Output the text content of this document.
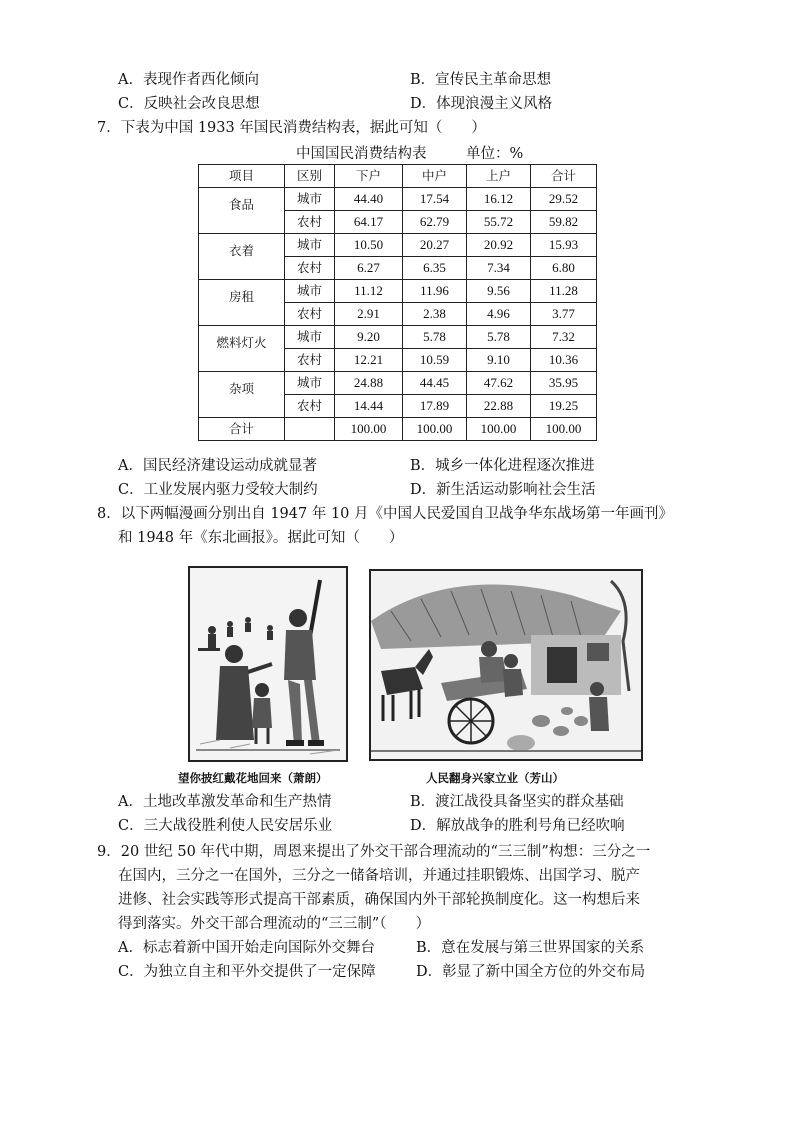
A．表现作者西化倾向	B．宣传民主革命思想
C．反映社会改良思想	D．体现浪漫主义风格
7．下表为中国 1933 年国民消费结构表，据此可知（　　）
中国国民消费结构表	单位：%
项目	区别	下户	中户	上户	合计
食品	城市	44.40	17.54	16.12	29.52
	农村	64.17	62.79	55.72	59.82
衣着	城市	10.50	20.27	20.92	15.93
	农村	6.27	6.35	7.34	6.80
房租	城市	11.12	11.96	9.56	11.28
	农村	2.91	2.38	4.96	3.77
燃料灯火	城市	9.20	5.78	5.78	7.32
	农村	12.21	10.59	9.10	10.36
杂项	城市	24.88	44.45	47.62	35.95
	农村	14.44	17.89	22.88	19.25
合计		100.00	100.00	100.00	100.00
A．国民经济建设运动成就显著	B．城乡一体化进程逐次推进
C．工业发展内驱力受较大制约	D．新生活运动影响社会生活
8．以下两幅漫画分别出自 1947 年 10 月《中国人民爱国自卫战争华东战场第一年画刊》
和 1948 年《东北画报》。据此可知（　　）
望你披红戴花地回来（萧朗）	人民翻身兴家立业（芳山）
A．土地改革激发革命和生产热情	B．渡江战役具备坚实的群众基础
C．三大战役胜利使人民安居乐业	D．解放战争的胜利号角已经吹响
9．20 世纪 50 年代中期，周恩来提出了外交干部合理流动的“三三制”构想：三分之一
在国内，三分之一在国外，三分之一储备培训，并通过挂职锻炼、出国学习、脱产
进修、社会实践等形式提高干部素质，确保国内外干部轮换制度化。这一构想后来
得到落实。外交干部合理流动的“三三制”（　　）
A．标志着新中国开始走向国际外交舞台	B．意在发展与第三世界国家的关系
C．为独立自主和平外交提供了一定保障	D．彰显了新中国全方位的外交布局
